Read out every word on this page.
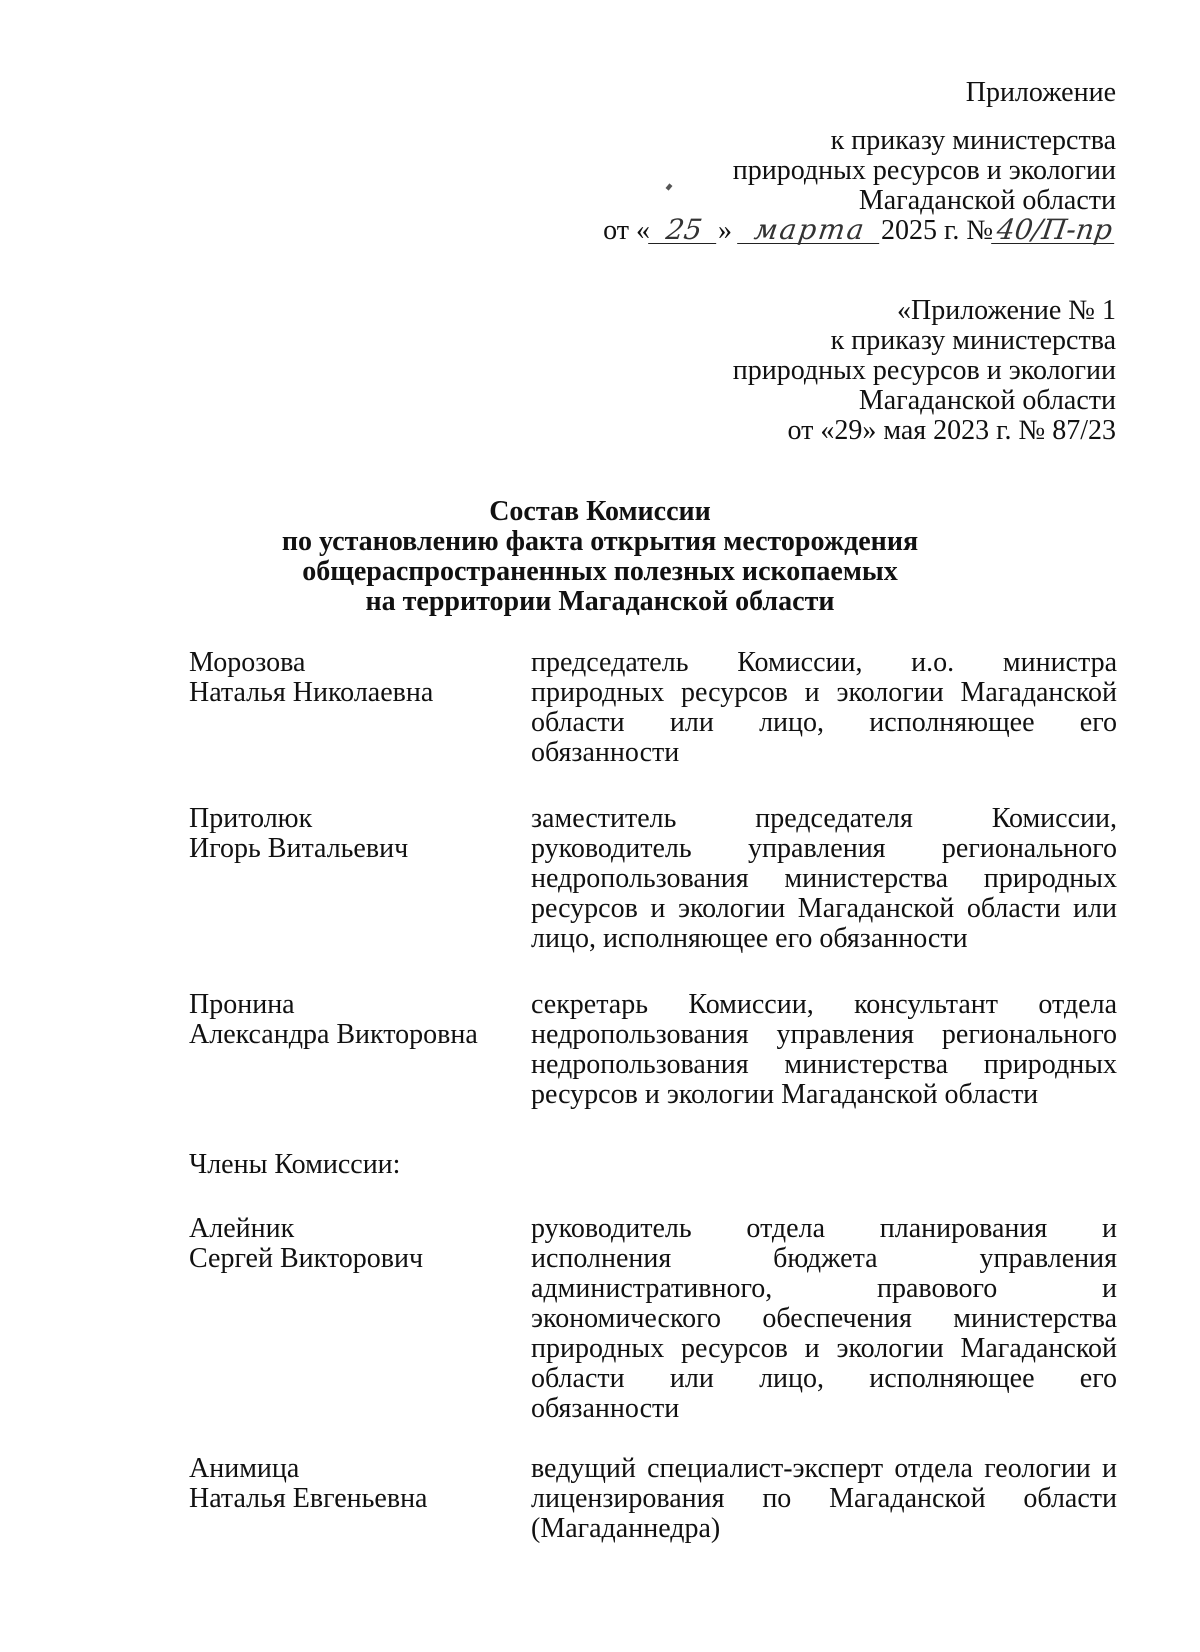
Приложение
к приказу министерства
природных ресурсов и экологии
Магаданской области
от « 25 » марта 2025 г. №40/П-пр
«Приложение № 1
к приказу министерства
природных ресурсов и экологии
Магаданской области
от «29» мая 2023 г. № 87/23
Состав Комиссии
по установлению факта открытия месторождения
общераспространенных полезных ископаемых
на территории Магаданской области
Морозова
Наталья Николаевна
председатель Комиссии, и.о. министра природных ресурсов и экологии Магаданской области или лицо, исполняющее его обязанности
Притолюк
Игорь Витальевич
заместитель председателя Комиссии, руководитель управления регионального недропользования министерства природных ресурсов и экологии Магаданской области или лицо, исполняющее его обязанности
Пронина
Александра Викторовна
секретарь Комиссии, консультант отдела недропользования управления регионального недропользования министерства природных ресурсов и экологии Магаданской области
Члены Комиссии:
Алейник
Сергей Викторович
руководитель отдела планирования и исполнения бюджета управления административного, правового и экономического обеспечения министерства природных ресурсов и экологии Магаданской области или лицо, исполняющее его обязанности
Анимица
Наталья Евгеньевна
ведущий специалист-эксперт отдела геологии и лицензирования по Магаданской области (Магаданнедра)
